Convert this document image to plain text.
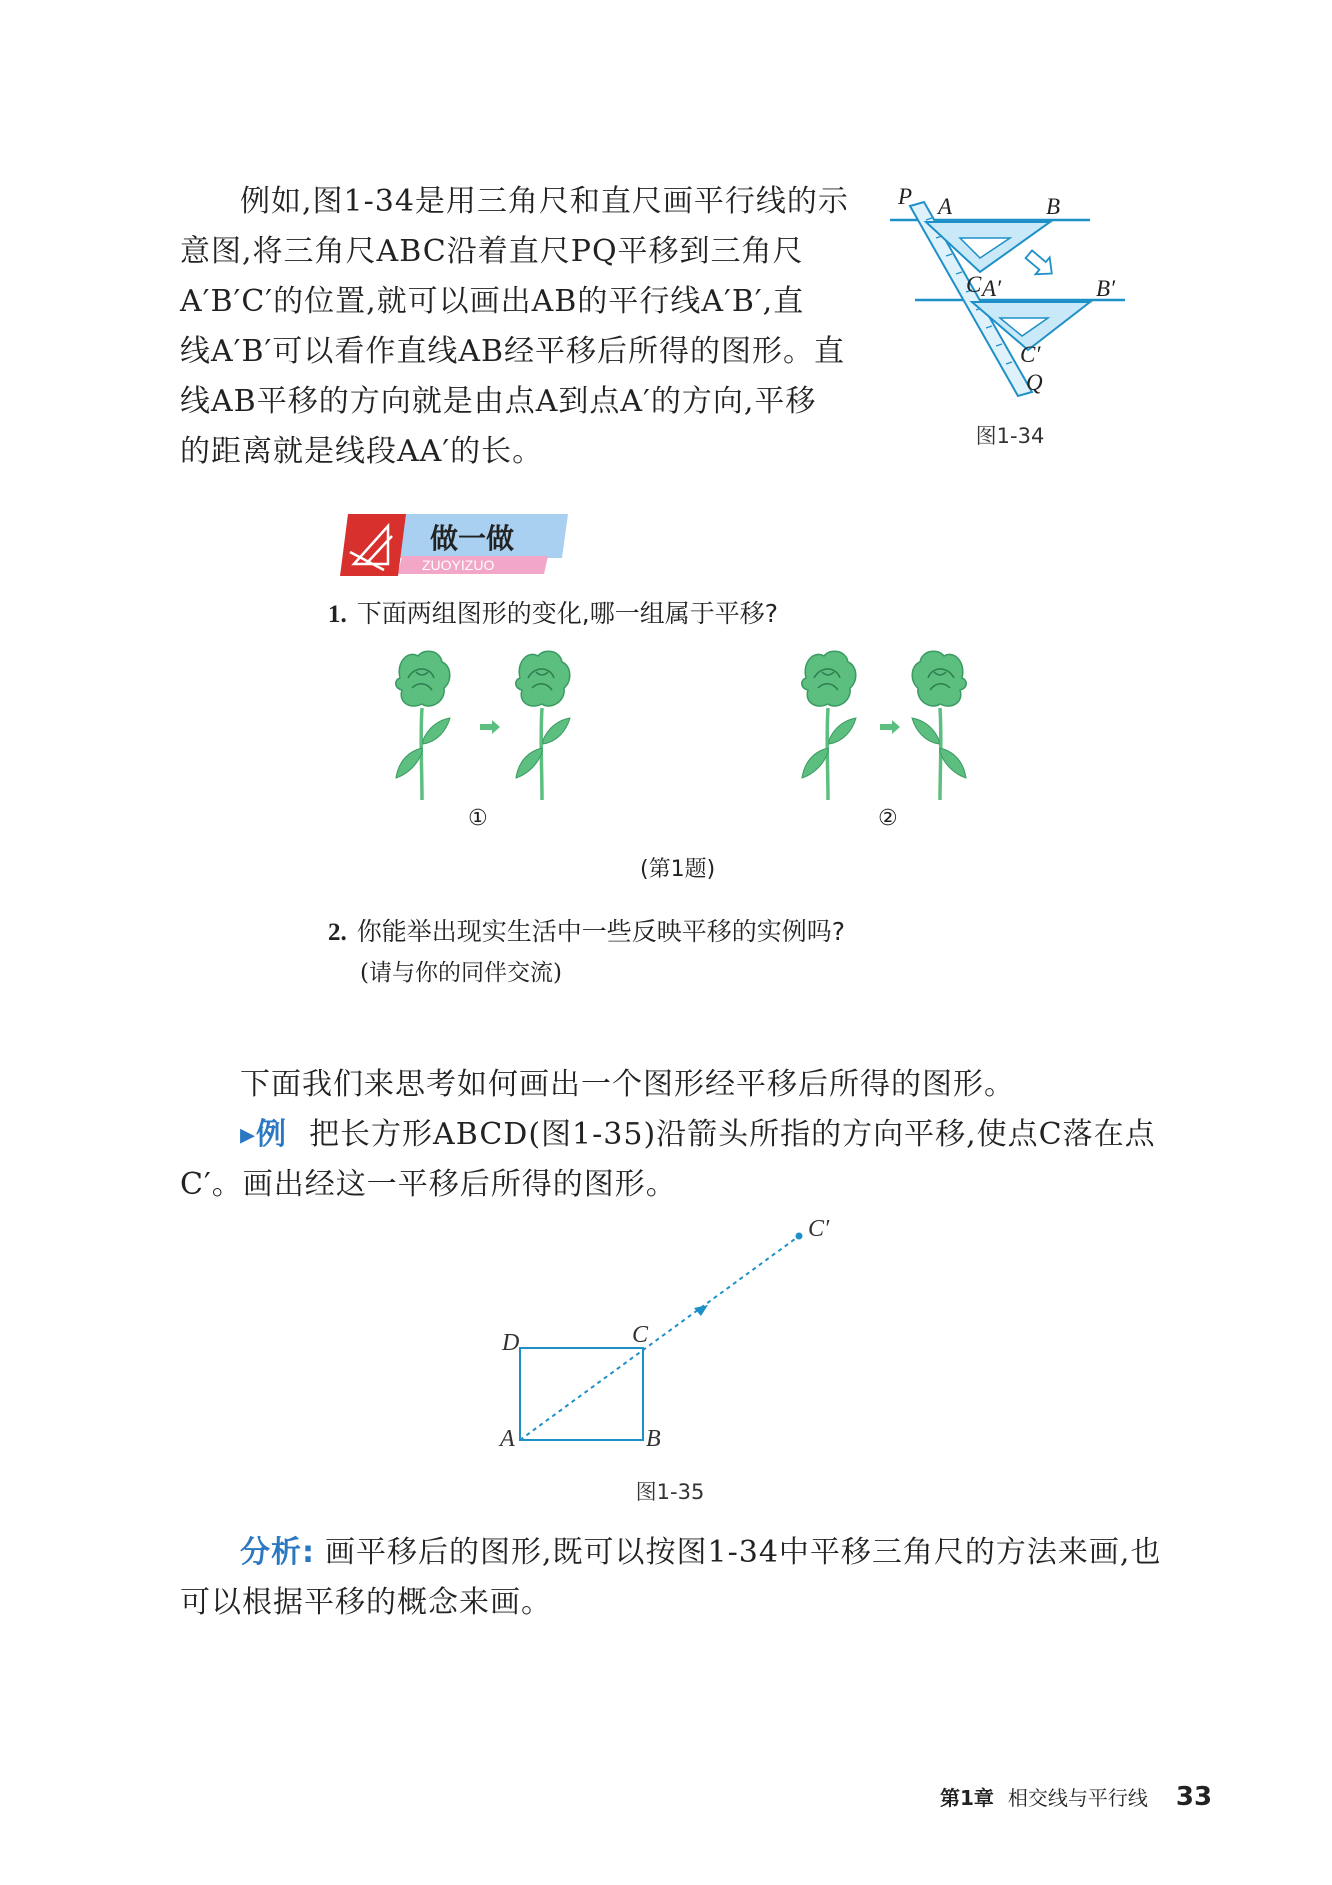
例如,图1-34是用三角尺和直尺画平行线的示
意图,将三角尺ABC沿着直尺PQ平移到三角尺
A′B′C′的位置,就可以画出AB的平行线A′B′,直
线A′B′可以看作直线AB经平移后所得的图形。直
线AB平移的方向就是由点A到点A′的方向,平移
的距离就是线段AA′的长。
P A	B
C A′	B′
C′
Q
图1-34
做一做
ZUOYIZUO
1. 下面两组图形的变化,哪一组属于平移?
①	②
(第1题)
2. 你能举出现实生活中一些反映平移的实例吗?
(请与你的同伴交流)
下面我们来思考如何画出一个图形经平移后所得的图形。
▸例 把长方形ABCD(图1-35)沿箭头所指的方向平移,使点C落在点
C′。画出经这一平移后所得的图形。
A	B
C
D
C′
图1-35
分析: 画平移后的图形,既可以按图1-34中平移三角尺的方法来画,也
可以根据平移的概念来画。
第1章 相交线与平行线 33
